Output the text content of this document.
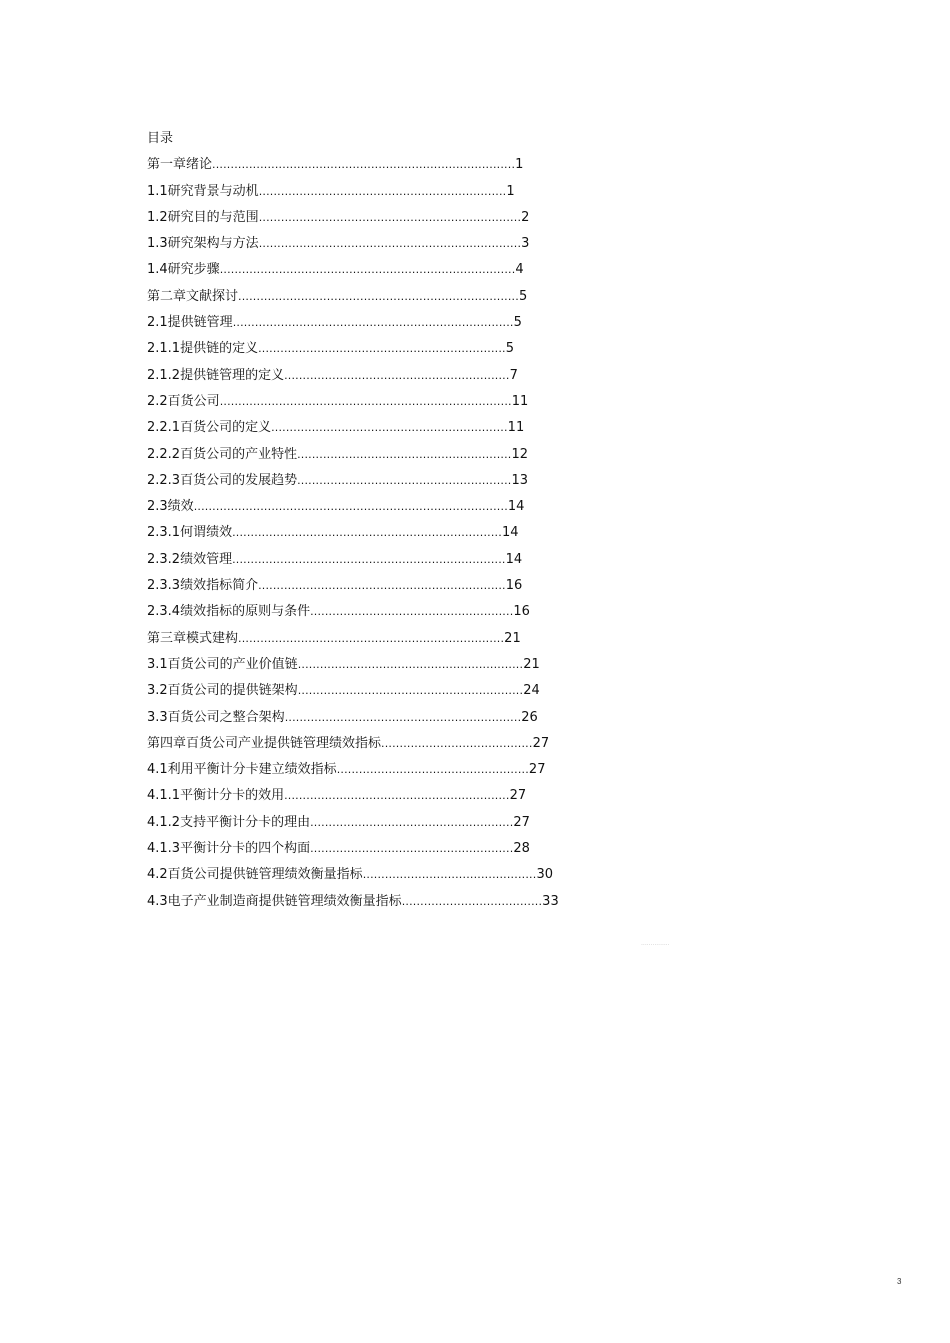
目录
第一章绪论..................................................................................1
1.1研究背景与动机...................................................................1
1.2研究目的与范围.......................................................................2
1.3研究架构与方法.......................................................................3
1.4研究步骤................................................................................4
第二章文献探讨............................................................................5
2.1提供链管理............................................................................5
2.1.1提供链的定义...................................................................5
2.1.2提供链管理的定义.............................................................7
2.2百货公司...............................................................................11
2.2.1百货公司的定义................................................................11
2.2.2百货公司的产业特性..........................................................12
2.2.3百货公司的发展趋势..........................................................13
2.3绩效.....................................................................................14
2.3.1何谓绩效.........................................................................14
2.3.2绩效管理..........................................................................14
2.3.3绩效指标简介...................................................................16
2.3.4绩效指标的原则与条件.......................................................16
第三章模式建构........................................................................21
3.1百货公司的产业价值链.............................................................21
3.2百货公司的提供链架构.............................................................24
3.3百货公司之整合架构................................................................26
第四章百货公司产业提供链管理绩效指标.........................................27
4.1利用平衡计分卡建立绩效指标....................................................27
4.1.1平衡计分卡的效用.............................................................27
4.1.2支持平衡计分卡的理由.......................................................27
4.1.3平衡计分卡的四个构面.......................................................28
4.2百货公司提供链管理绩效衡量指标...............................................30
4.3电子产业制造商提供链管理绩效衡量指标......................................33
...............
3
